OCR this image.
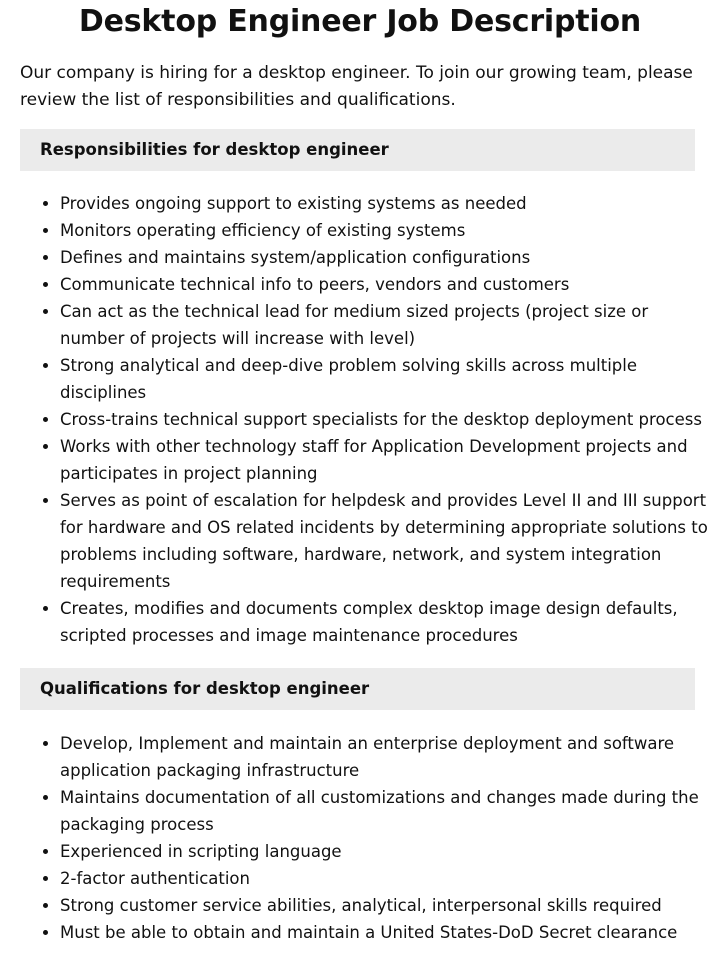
Desktop Engineer Job Description

Our company is hiring for a desktop engineer. To join our growing team, please review the list of responsibilities and qualifications.

Responsibilities for desktop engineer
• Provides ongoing support to existing systems as needed
• Monitors operating efficiency of existing systems
• Defines and maintains system/application configurations
• Communicate technical info to peers, vendors and customers
• Can act as the technical lead for medium sized projects (project size or number of projects will increase with level)
• Strong analytical and deep-dive problem solving skills across multiple disciplines
• Cross-trains technical support specialists for the desktop deployment process
• Works with other technology staff for Application Development projects and participates in project planning
• Serves as point of escalation for helpdesk and provides Level II and III support for hardware and OS related incidents by determining appropriate solutions to problems including software, hardware, network, and system integration requirements
• Creates, modifies and documents complex desktop image design defaults, scripted processes and image maintenance procedures
Qualifications for desktop engineer
• Develop, Implement and maintain an enterprise deployment and software application packaging infrastructure
• Maintains documentation of all customizations and changes made during the packaging process
• Experienced in scripting language
• 2-factor authentication
• Strong customer service abilities, analytical, interpersonal skills required
• Must be able to obtain and maintain a United States-DoD Secret clearance
